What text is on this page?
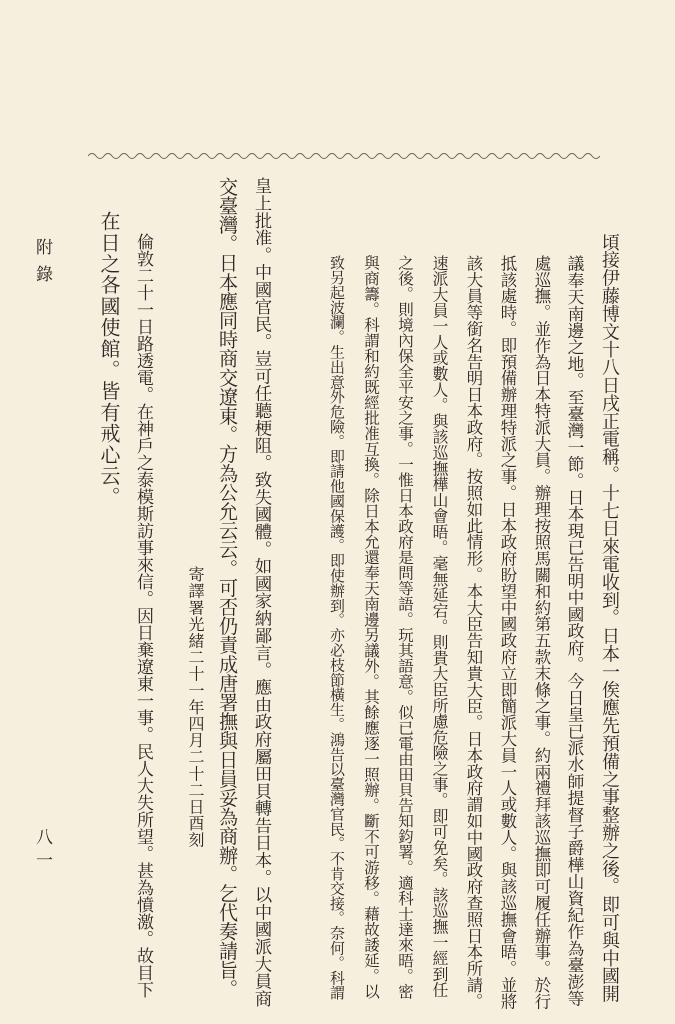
頃接伊藤博文十八日戌正電稱。十七日來電收到。日本一俟應先預備之事整辦之後。即可與中國開
議奉天南邊之地。至臺灣一節。日本現已告明中國政府。今日皇已派水師提督子爵樺山資紀作為臺澎等
處巡撫。並作為日本特派大員。辦理按照馬關和約第五款末條之事。約兩禮拜該巡撫即可履任辦事。於行
抵該處時。即預備辦理特派之事。日本政府盼望中國政府立即簡派大員一人或數人。與該巡撫會晤。並將
該大員等銜名告明日本政府。按照如此情形。本大臣告知貴大臣。日本政府謂如中國政府查照日本所請。
速派大員一人或數人。與該巡撫樺山會晤。毫無延宕。則貴大臣所慮危險之事。即可免矣。該巡撫一經到任
之後。則境內保全平安之事。一惟日本政府是問等語。玩其語意。似已電由田貝告知鈞署。適科士達來晤。密
與商籌。科謂和約既經批准互換。除日本允還奉天南邊另議外。其餘應逐一照辦。斷不可游移。藉故諉延。以
致另起波瀾。生出意外危險。即請他國保護。即使辦到。亦必枝節橫生。鴻告以臺灣官民。不肯交接。奈何。科謂
皇上批准。中國官民。豈可任聽梗阻。致失國體。如國家納鄙言。應由政府屬田貝轉告日本。以中國派大員商
交臺灣。日本應同時商交遼東。方為公允云云。可否仍責成唐署撫與日員妥為商辦。乞代奏請旨。
寄譯署光緒二十一年四月二十二日酉刻
倫敦二十一日路透電。在神戶之泰模斯訪事來信。因日棄遼東一事。民人大失所望。甚為憤激。故目下
在日之各國使館。皆有戒心云。
附錄
八一
